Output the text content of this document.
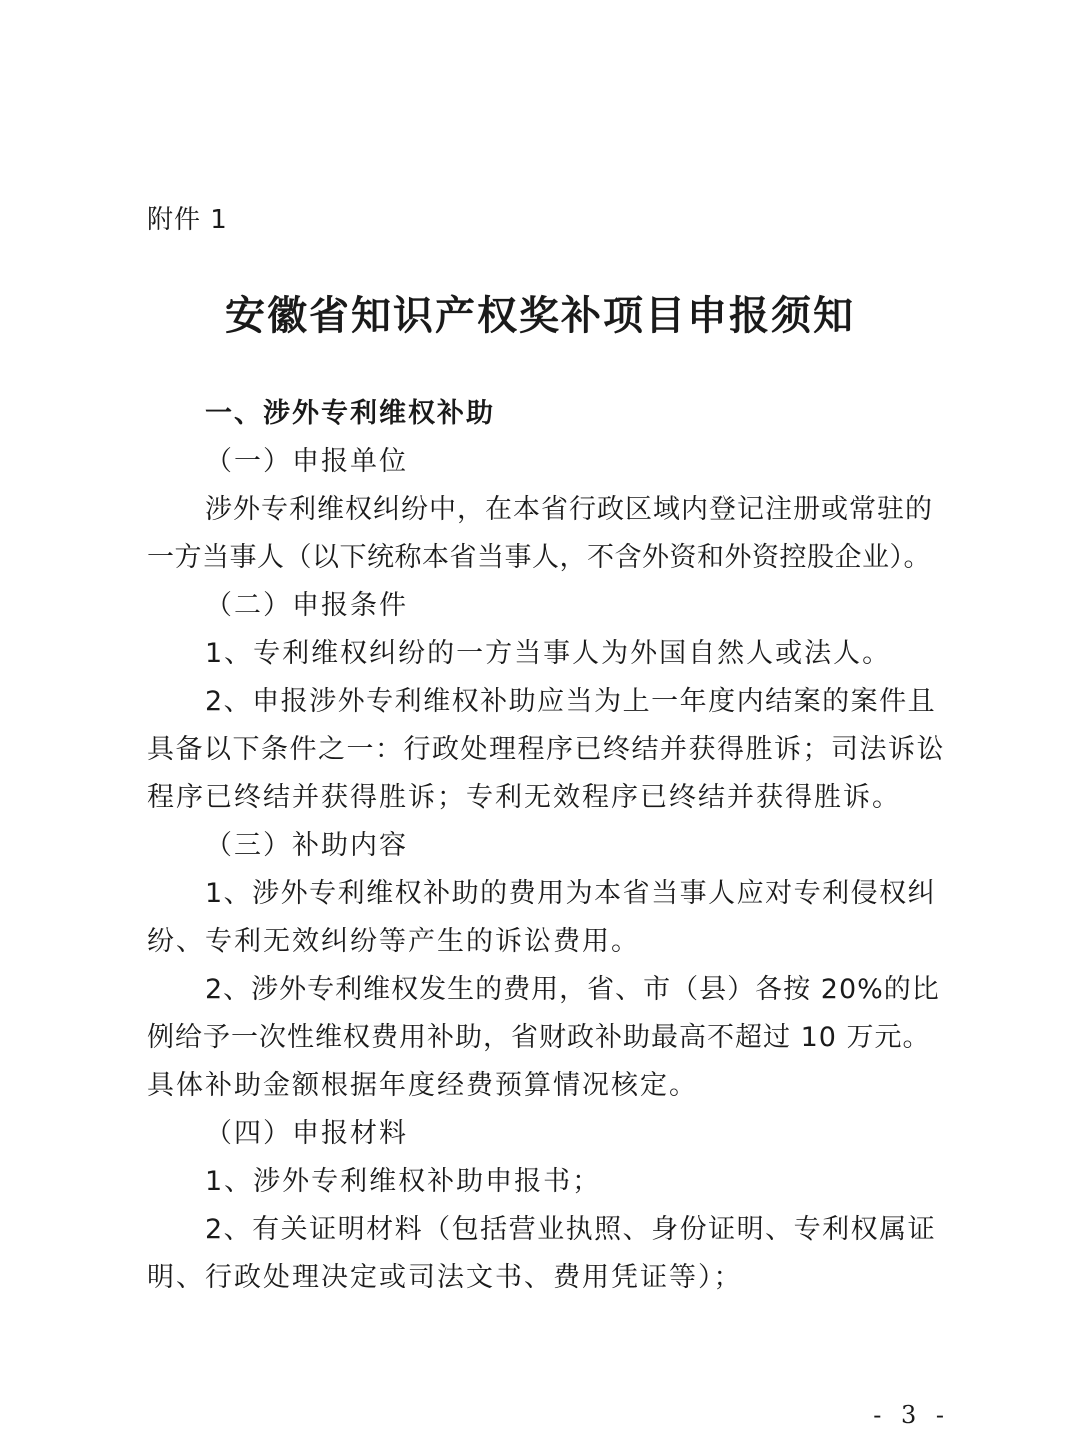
附件 1
安徽省知识产权奖补项目申报须知
一、涉外专利维权补助
（一）申报单位
涉外专利维权纠纷中，在本省行政区域内登记注册或常驻的
一方当事人（以下统称本省当事人，不含外资和外资控股企业）。
（二）申报条件
1、专利维权纠纷的一方当事人为外国自然人或法人。
2、申报涉外专利维权补助应当为上一年度内结案的案件且
具备以下条件之一：行政处理程序已终结并获得胜诉；司法诉讼
程序已终结并获得胜诉；专利无效程序已终结并获得胜诉。
（三）补助内容
1、涉外专利维权补助的费用为本省当事人应对专利侵权纠
纷、专利无效纠纷等产生的诉讼费用。
2、涉外专利维权发生的费用，省、市（县）各按 20%的比
例给予一次性维权费用补助，省财政补助最高不超过 10 万元。
具体补助金额根据年度经费预算情况核定。
（四）申报材料
1、涉外专利维权补助申报书；
2、有关证明材料（包括营业执照、身份证明、专利权属证
明、行政处理决定或司法文书、费用凭证等）；
- 3 -
